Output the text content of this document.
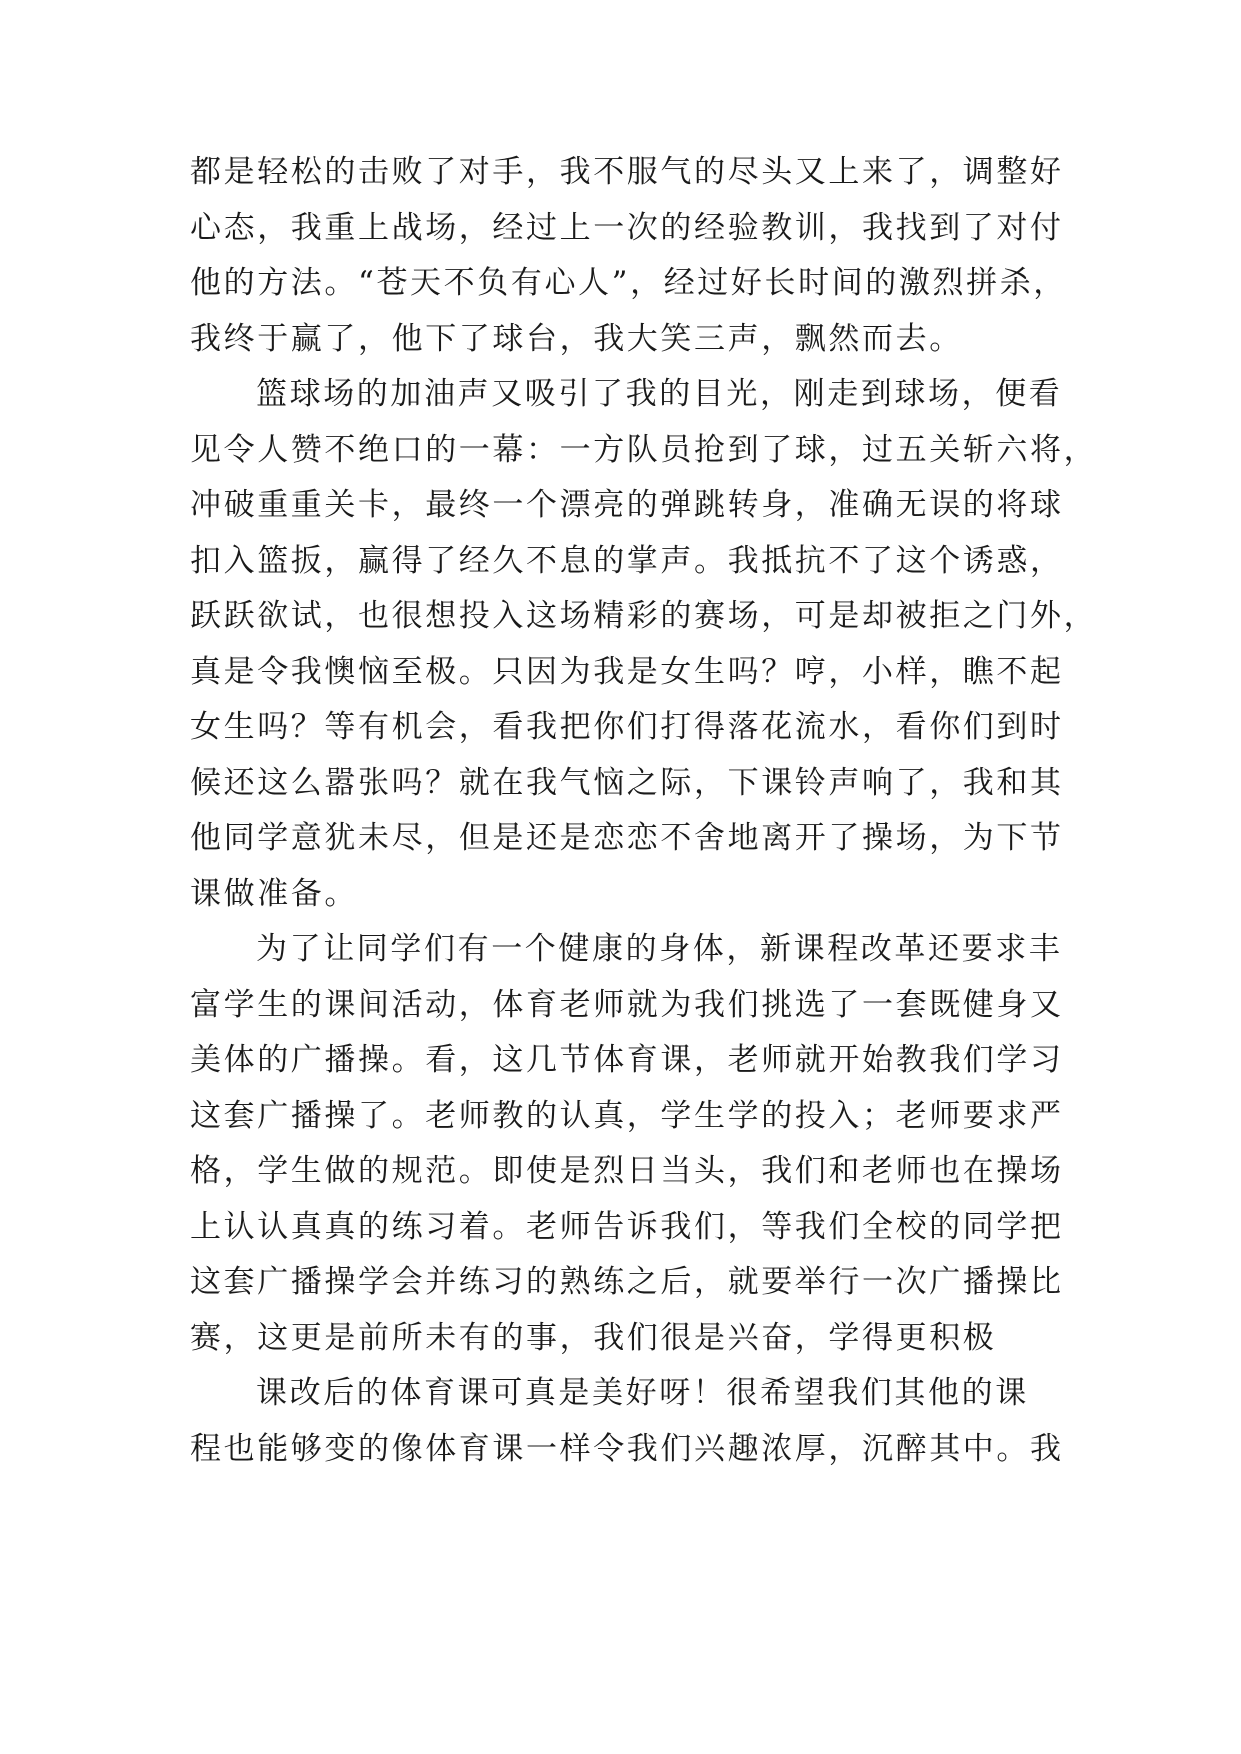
都是轻松的击败了对手，我不服气的尽头又上来了，调整好
心态，我重上战场，经过上一次的经验教训，我找到了对付
他的方法。“苍天不负有心人”，经过好长时间的激烈拼杀，
我终于赢了，他下了球台，我大笑三声，飘然而去。
篮球场的加油声又吸引了我的目光，刚走到球场，便看
见令人赞不绝口的一幕：一方队员抢到了球，过五关斩六将，
冲破重重关卡，最终一个漂亮的弹跳转身，准确无误的将球
扣入篮扳，赢得了经久不息的掌声。我抵抗不了这个诱惑，
跃跃欲试，也很想投入这场精彩的赛场，可是却被拒之门外，
真是令我懊恼至极。只因为我是女生吗？哼，小样，瞧不起
女生吗？等有机会，看我把你们打得落花流水，看你们到时
候还这么嚣张吗？就在我气恼之际，下课铃声响了，我和其
他同学意犹未尽，但是还是恋恋不舍地离开了操场，为下节
课做准备。
为了让同学们有一个健康的身体，新课程改革还要求丰
富学生的课间活动，体育老师就为我们挑选了一套既健身又
美体的广播操。看，这几节体育课，老师就开始教我们学习
这套广播操了。老师教的认真，学生学的投入；老师要求严
格，学生做的规范。即使是烈日当头，我们和老师也在操场
上认认真真的练习着。老师告诉我们，等我们全校的同学把
这套广播操学会并练习的熟练之后，就要举行一次广播操比
赛，这更是前所未有的事，我们很是兴奋，学得更积极
课改后的体育课可真是美好呀！很希望我们其他的课
程也能够变的像体育课一样令我们兴趣浓厚，沉醉其中。我
